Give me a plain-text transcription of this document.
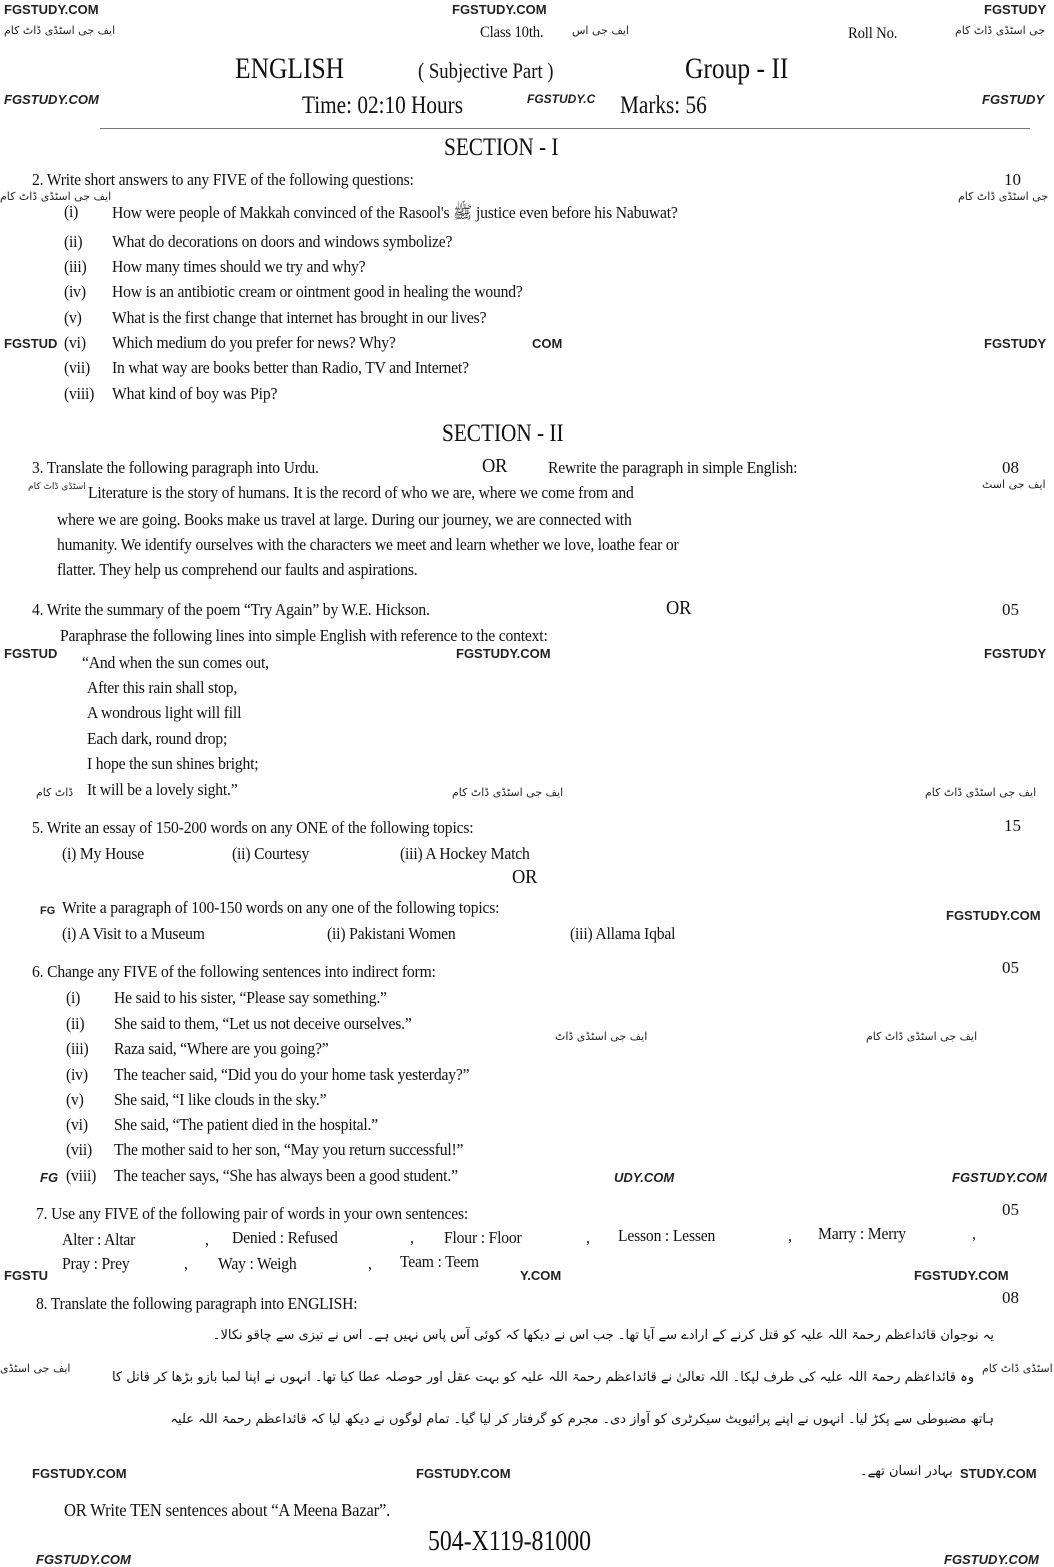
FGSTUDY.COM	FGSTUDY.COM	FGSTUDY
ایف جی اسٹڈی ڈاٹ کام	جی اسٹڈی ڈاٹ کام
Class 10th.	ایف جی اس	Roll No.
ENGLISH	( Subjective Part )	Group - II
FGSTUDY.COM	FGSTUDY
Time: 02:10 Hours	FGSTUDY.C Marks: 56
SECTION - I
2. Write short answers to any FIVE of the following questions:	10
ایف جی اسٹڈی ڈاٹ کام	جی اسٹڈی ڈاٹ کام
(i) How were people of Makkah convinced of the Rasool's ﷺ justice even before his Nabuwat?
(ii) What do decorations on doors and windows symbolize?
(iii) How many times should we try and why?
(iv) How is an antibiotic cream or ointment good in healing the wound?
(v) What is the first change that internet has brought in our lives?
FGSTUD (vi) Which medium do you prefer for news? Why?	COM	FGSTUDY
(vii) In what way are books better than Radio, TV and Internet?
(viii) What kind of boy was Pip?
SECTION - II
3. Translate the following paragraph into Urdu.	OR Rewrite the paragraph in simple English:	08
اسٹڈی ڈاٹ کام	ایف جی اسٹ
Literature is the story of humans. It is the record of who we are, where we come from and
where we are going. Books make us travel at large. During our journey, we are connected with
humanity. We identify ourselves with the characters we meet and learn whether we love, loathe fear or
flatter. They help us comprehend our faults and aspirations.
4. Write the summary of the poem “Try Again” by W.E. Hickson.	OR	05
Paraphrase the following lines into simple English with reference to the context:
FGSTUD	FGSTUDY.COM	FGSTUDY
“And when the sun comes out,
After this rain shall stop,
A wondrous light will fill
Each dark, round drop;
I hope the sun shines bright;
ڈاٹ کام It will be a lovely sight.”	ایف جی اسٹڈی ڈاٹ کام	ایف جی اسٹڈی ڈاٹ کام
5. Write an essay of 150-200 words on any ONE of the following topics:	15
(i) My House	(ii) Courtesy	(iii) A Hockey Match
OR
FG Write a paragraph of 100-150 words on any one of the following topics:	FGSTUDY.COM
(i) A Visit to a Museum	(ii) Pakistani Women	(iii) Allama Iqbal
6. Change any FIVE of the following sentences into indirect form:	05
(i) He said to his sister, “Please say something.”
(ii) She said to them, “Let us not deceive ourselves.”
ایف جی اسٹڈی ڈاٹ	ایف جی اسٹڈی ڈاٹ کام
(iii) Raza said, “Where are you going?”
(iv) The teacher said, “Did you do your home task yesterday?”
(v) She said, “I like clouds in the sky.”
(vi) She said, “The patient died in the hospital.”
(vii) The mother said to her son, “May you return successful!”
FG (viii) The teacher says, “She has always been a good student.”	UDY.COM	FGSTUDY.COM
7. Use any FIVE of the following pair of words in your own sentences:	05
Alter : Altar	, Denied : Refused	, Flour : Floor	, Lesson : Lessen	, Marry : Merry	,
FGSTU
Pray : Prey	, Way : Weigh	, Team : Teem
Y.COM	FGSTUDY.COM
8. Translate the following paragraph into ENGLISH:	08
یہ نوجوان قائداعظم رحمۃ اللہ علیہ کو قتل کرنے کے ارادے سے آیا تھا۔ جب اس نے دیکھا کہ کوئی آس پاس نہیں ہے۔ اس نے تیزی سے چاقو نکالا۔
ایف جی اسٹڈی
وہ قائداعظم رحمۃ اللہ علیہ کی طرف لپکا۔ اللہ تعالیٰ نے قائداعظم رحمۃ اللہ علیہ کو بہت عقل اور حوصلہ عطا کیا تھا۔ انہوں نے اپنا لمبا بازو بڑھا کر قاتل کا
اسٹڈی ڈاٹ کام
ہاتھ مضبوطی سے پکڑ لیا۔ انہوں نے اپنے پرائیویٹ سیکرٹری کو آواز دی۔ مجرم کو گرفتار کر لیا گیا۔ تمام لوگوں نے دیکھ لیا کہ قائداعظم رحمۃ اللہ علیہ
FGSTUDY.COM	FGSTUDY.COM	بہادر انسان تھے۔ STUDY.COM
OR Write TEN sentences about “A Meena Bazar”.
504-X119-81000
FGSTUDY.COM	FGSTUDY.COM
